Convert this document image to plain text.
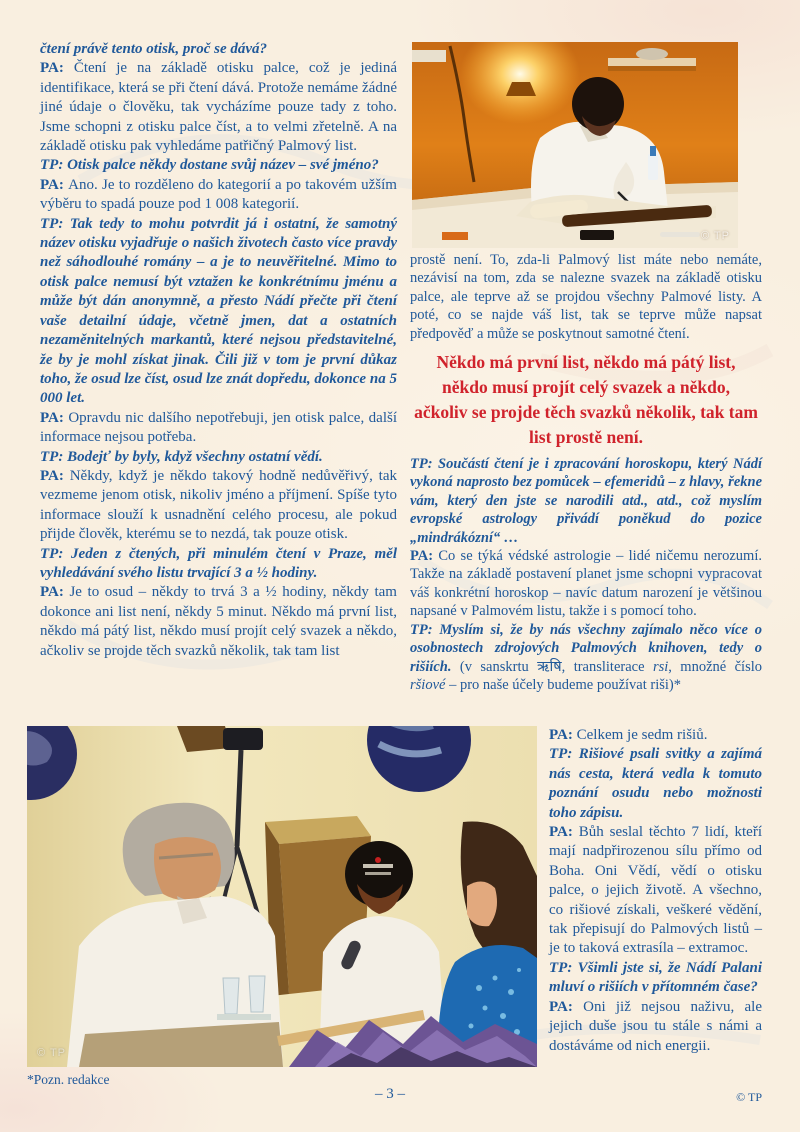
čtení právě tento otisk, proč se dává?

PA: Čtení je na základě otisku palce, což je jediná identifikace, která se při čtení dává. Protože nemáme žádné jiné údaje o člověku, tak vycházíme pouze tady z toho. Jsme schopni z otisku palce číst, a to velmi zřetelně. A na základě otisku pak vyhledáme patřičný Palmový list.

TP: Otisk palce někdy dostane svůj název – své jméno?

PA: Ano. Je to rozděleno do kategorií a po takovém užším výběru to spadá pouze pod 1 008 kategorií.

TP: Tak tedy to mohu potvrdit já i ostatní, že samotný název otisku vyjadřuje o našich životech často více pravdy než sáhodlouhé romány – a je to neuvěřitelné. Mimo to otisk palce nemusí být vztažen ke konkrétnímu jménu a může být dán anonymně, a přesto Nádí přečte při čtení vaše detailní údaje, včetně jmen, dat a ostatních nezaměnitelných markantů, které nejsou představitelné, že by je mohl získat jinak. Čili již v tom je první důkaz toho, že osud lze číst, osud lze znát dopředu, dokonce na 5 000 let.

PA: Opravdu nic dalšího nepotřebuji, jen otisk palce, další informace nejsou potřeba.

TP: Bodejť by byly, když všechny ostatní vědí.

PA: Někdy, když je někdo takový hodně nedůvěřivý, tak vezmeme jenom otisk, nikoliv jméno a příjmení. Spíše tyto informace slouží k usnadnění celého procesu, ale pokud přijde člověk, kterému se to nezdá, tak pouze otisk.

TP: Jeden z čtených, při minulém čtení v Praze, měl vyhledávání svého listu trvající 3 a ½ hodiny.

PA: Je to osud – někdy to trvá 3 a ½ hodiny, někdy tam dokonce ani list není, někdy 5 minut. Někdo má první list, někdo má pátý list, někdo musí projít celý svazek a někdo, ačkoliv se projde těch svazků několik, tak tam list

© TP

prostě není. To, zda-li Palmový list máte nebo nemáte, nezávisí na tom, zda se nalezne svazek na základě otisku palce, ale teprve až se projdou všechny Palmové listy. A poté, co se najde váš list, tak se teprve může napsat předpověď a může se poskytnout samotné čtení.

Někdo má první list, někdo má pátý list, někdo musí projít celý svazek a někdo, ačkoliv se projde těch svazků několik, tak tam list prostě není.

TP: Součástí čtení je i zpracování horoskopu, který Nádí vykoná naprosto bez pomůcek – efemeridů – z hlavy, řekne vám, který den jste se narodili atd., atd., což myslím evropské astrology přivádí poněkud do pozice „mindrákózní“ …

PA: Co se týká védské astrologie – lidé ničemu nerozumí. Takže na základě postavení planet jsme schopni vypracovat váš konkrétní horoskop – navíc datum narození je většinou napsané v Palmovém listu, takže i s pomocí toho.

TP: Myslím si, že by nás všechny zajímalo něco více o osobnostech zdrojových Palmových knihoven, tedy o rišiích. (v sanskrtu ऋषि, transliterace rsi, množné číslo ršiové – pro naše účely budeme používat riši)*

© TP

PA: Celkem je sedm rišiů.

TP: Rišiové psali svitky a zajímá nás cesta, která vedla k tomuto poznání osudu nebo možnosti toho zápisu.

PA: Bůh seslal těchto 7 lidí, kteří mají nadpřirozenou sílu přímo od Boha. Oni Vědí, vědí o otisku palce, o jejich životě. A všechno, co rišiové získali, veškeré vědění, tak přepisují do Palmových listů – je to taková extrasíla – extramoc.

TP: Všimli jste si, že Nádí Palani mluví o rišiích v přítomném čase?

PA: Oni již nejsou naživu, ale jejich duše jsou tu stále s námi a dostáváme od nich energii.

*Pozn. redakce
– 3 –	© TP
